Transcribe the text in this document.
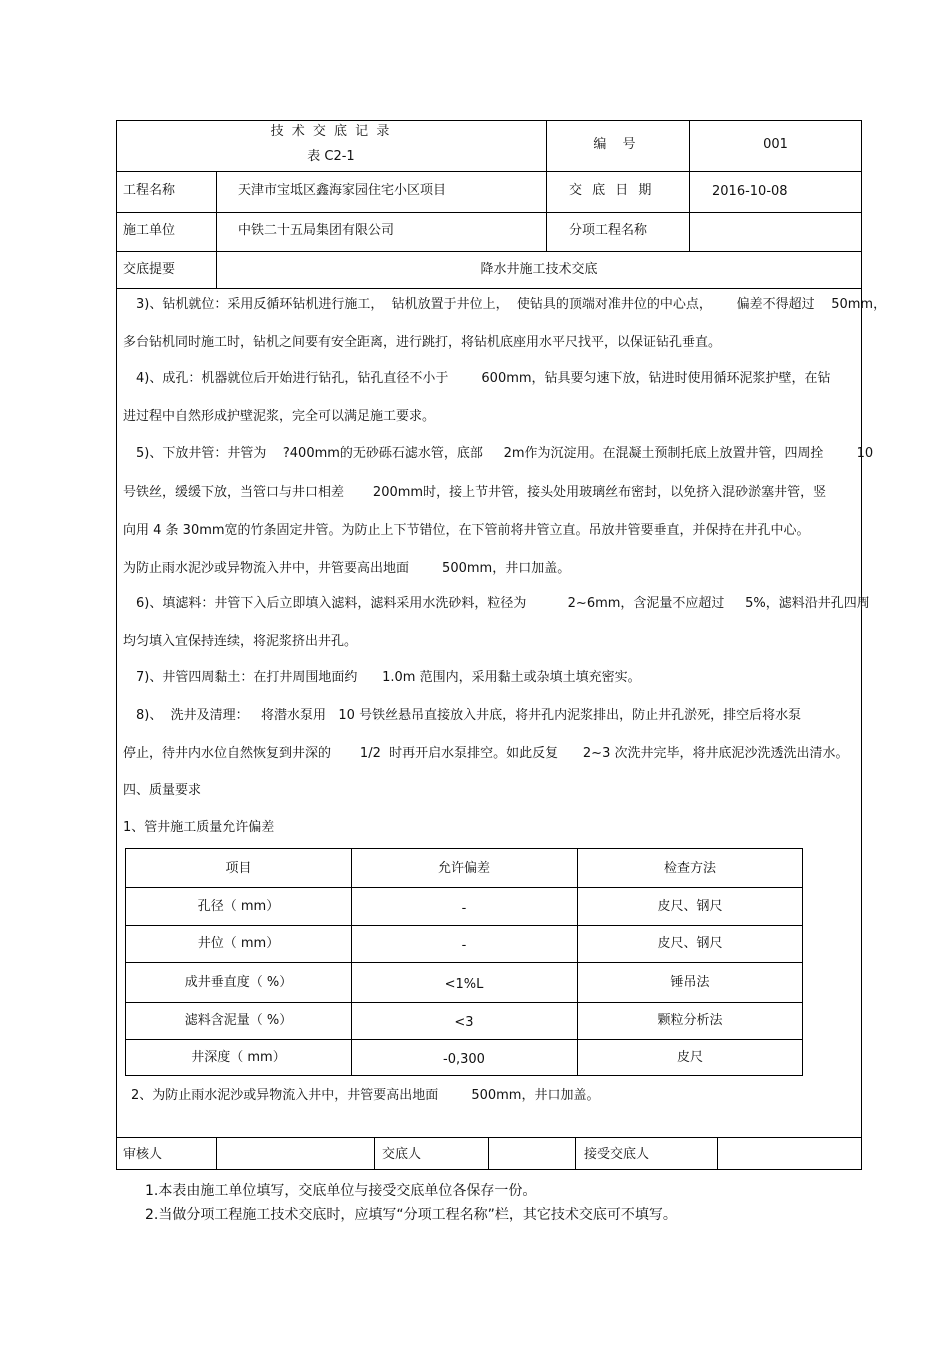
技 术 交 底 记 录
表 C2-1
编 号	001
工程名称	天津市宝坻区鑫海家园住宅小区项目	交 底 日 期	2016-10-08
施工单位	中铁二十五局集团有限公司	分项工程名称
交底提要	降水井施工技术交底
3)、钻机就位：采用反循环钻机进行施工，  钻机放置于井位上，  使钻具的顶端对准井位的中心点，      偏差不得超过    50mm，
多台钻机同时施工时，钻机之间要有安全距离，进行跳打，将钻机底座用水平尺找平，以保证钻孔垂直。
4)、成孔：机器就位后开始进行钻孔，钻孔直径不小于        600mm，钻具要匀速下放，钻进时使用循环泥浆护壁，在钻
进过程中自然形成护壁泥浆，完全可以满足施工要求。
5)、下放井管：井管为    ?400mm的无砂砾石滤水管，底部     2m作为沉淀用。在混凝土预制托底上放置井管，四周拴        10
号铁丝，缓缓下放，当管口与井口相差       200mm时，接上节井管，接头处用玻璃丝布密封，以免挤入混砂淤塞井管，竖
向用 4 条 30mm宽的竹条固定井管。为防止上下节错位，在下管前将井管立直。吊放井管要垂直，并保持在井孔中心。
为防止雨水泥沙或异物流入井中，井管要高出地面        500mm，井口加盖。
6)、填滤料：井管下入后立即填入滤料，滤料采用水洗砂料，粒径为          2~6mm，含泥量不应超过     5%，滤料沿井孔四周
均匀填入宜保持连续，将泥浆挤出井孔。
7)、井管四周黏土：在打井周围地面约      1.0m 范围内，采用黏土或杂填土填充密实。
8)、  洗井及清理：   将潜水泵用   10 号铁丝悬吊直接放入井底，将井孔内泥浆排出，防止井孔淤死，排空后将水泵
停止，待井内水位自然恢复到井深的       1/2  时再开启水泵排空。如此反复      2~3 次洗井完毕，将井底泥沙洗透洗出清水。
四、质量要求
1、管井施工质量允许偏差
项目	允许偏差	检查方法
孔径（ mm）	-	皮尺、钢尺
井位（ mm）	-	皮尺、钢尺
成井垂直度（ %）	<1%L	锤吊法
滤料含泥量（ %）	<3	颗粒分析法
井深度（ mm）	-0,300	皮尺
2、为防止雨水泥沙或异物流入井中，井管要高出地面        500mm，井口加盖。
审核人	交底人	接受交底人
1.本表由施工单位填写，交底单位与接受交底单位各保存一份。
2.当做分项工程施工技术交底时，应填写“分项工程名称”栏，其它技术交底可不填写。
